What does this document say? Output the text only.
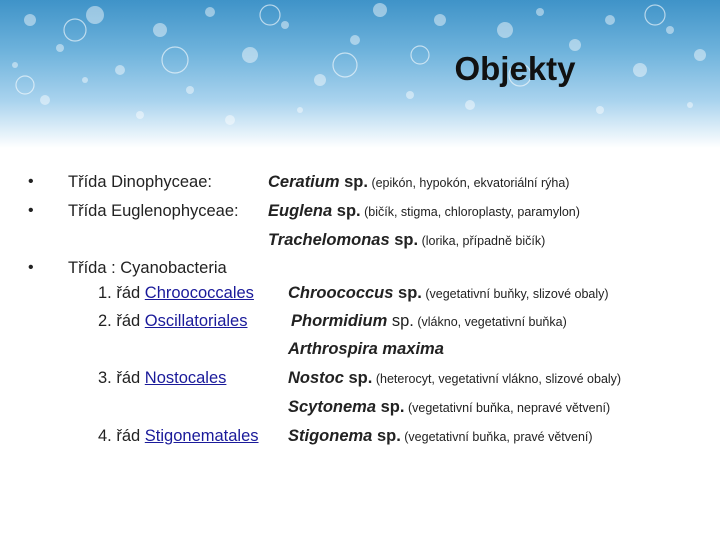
Objekty
• Třída Dinophyceae:	Ceratium sp. (epikón, hypokón, ekvatoriální rýha)
• Třída Euglenophyceae: Euglena sp. (bičík, stigma, chloroplasty, paramylon)
Trachelomonas sp. (lorika, případně bičík)
• Třída : Cyanobacteria
1. řád Chroococcales Chroococcus sp. (vegetativní buňky, slizové obaly)
2. řád Oscillatoriales	Phormidium sp. (vlákno, vegetativní buňka)
Arthrospira maxima
3. řád Nostocales	Nostoc sp. (heterocyt, vegetativní vlákno, slizové obaly)
Scytonema sp. (vegetativní buňka, nepravé větvení)
4. řád Stigonematales Stigonema sp. (vegetativní buňka, pravé větvení)
